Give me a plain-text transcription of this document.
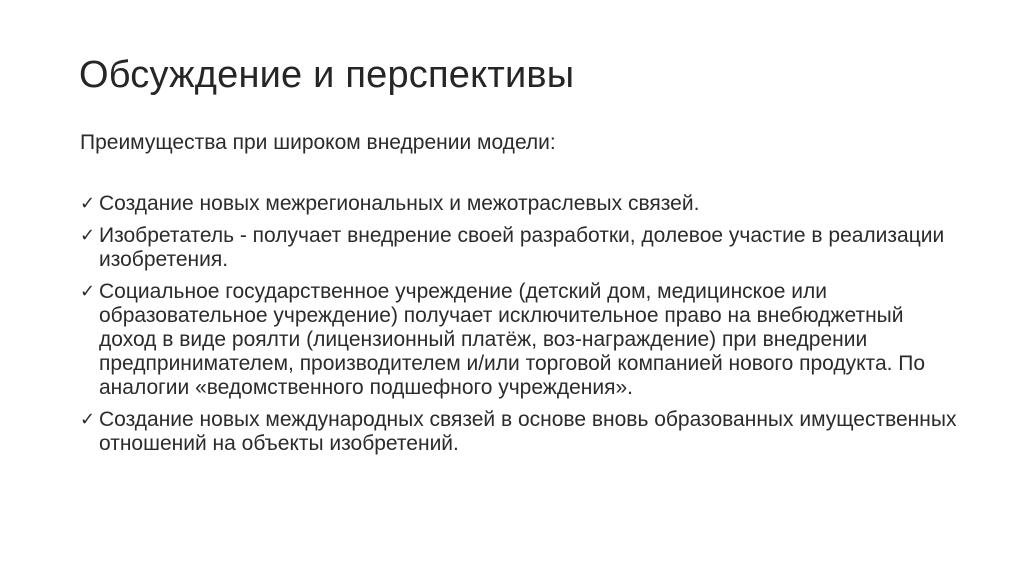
Обсуждение и перспективы

Преимущества при широком внедрении модели:

✓ Создание новых межрегиональных и межотраслевых связей.
✓ Изобретатель - получает внедрение своей разработки, долевое участие в реализации изобретения.
✓ Социальное государственное учреждение (детский дом, медицинское или образовательное учреждение) получает исключительное право на внебюджетный доход в виде роялти (лицензионный платёж, воз-награждение) при внедрении предпринимателем, производителем и/или торговой компанией нового продукта. По аналогии «ведомственного подшефного учреждения».
✓ Создание новых международных связей в основе вновь образованных имущественных отношений на объекты изобретений.
